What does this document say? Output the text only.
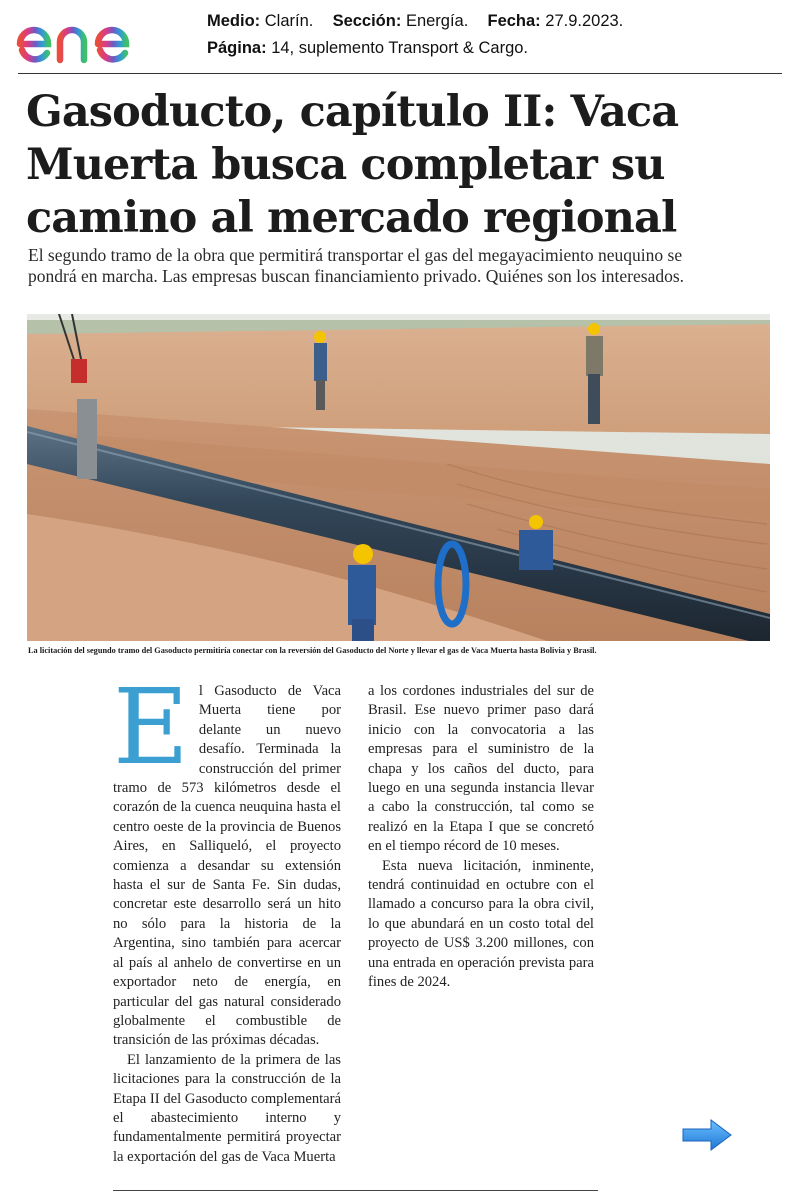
Medio: Clarín. Sección: Energía. Fecha: 27.9.2023.
Página: 14, suplemento Transport & Cargo.
Gasoducto, capítulo II: Vaca Muerta busca completar su camino al mercado regional

El segundo tramo de la obra que permitirá transportar el gas del megayacimiento neuquino se pondrá en marcha. Las empresas buscan financiamiento privado. Quiénes son los interesados.

La licitación del segundo tramo del Gasoducto permitiría conectar con la reversión del Gasoducto del Norte y llevar el gas de Vaca Muerta hasta Bolivia y Brasil.

El Gasoducto de Vaca Muerta tiene por delante un nuevo desafío. Terminada la construcción del primer tramo de 573 kilómetros desde el corazón de la cuenca neuquina hasta el centro oeste de la provincia de Buenos Aires, en Salliqueló, el proyecto comienza a desandar su extensión hasta el sur de Santa Fe. Sin dudas, concretar este desarrollo será un hito no sólo para la historia de la Argentina, sino también para acercar al país al anhelo de convertirse en un exportador neto de energía, en particular del gas natural considerado globalmente el combustible de transición de las próximas décadas.

El lanzamiento de la primera de las licitaciones para la construcción de la Etapa II del Gasoducto complementará el abastecimiento interno y fundamentalmente permitirá proyectar la exportación del gas de Vaca Muerta

a los cordones industriales del sur de Brasil. Ese nuevo primer paso dará inicio con la convocatoria a las empresas para el suministro de la chapa y los caños del ducto, para luego en una segunda instancia llevar a cabo la construcción, tal como se realizó en la Etapa I que se concretó en el tiempo récord de 10 meses.

Esta nueva licitación, inminente, tendrá continuidad en octubre con el llamado a concurso para la obra civil, lo que abundará en un costo total del proyecto de US$ 3.200 millones, con una entrada en operación prevista para fines de 2024.
